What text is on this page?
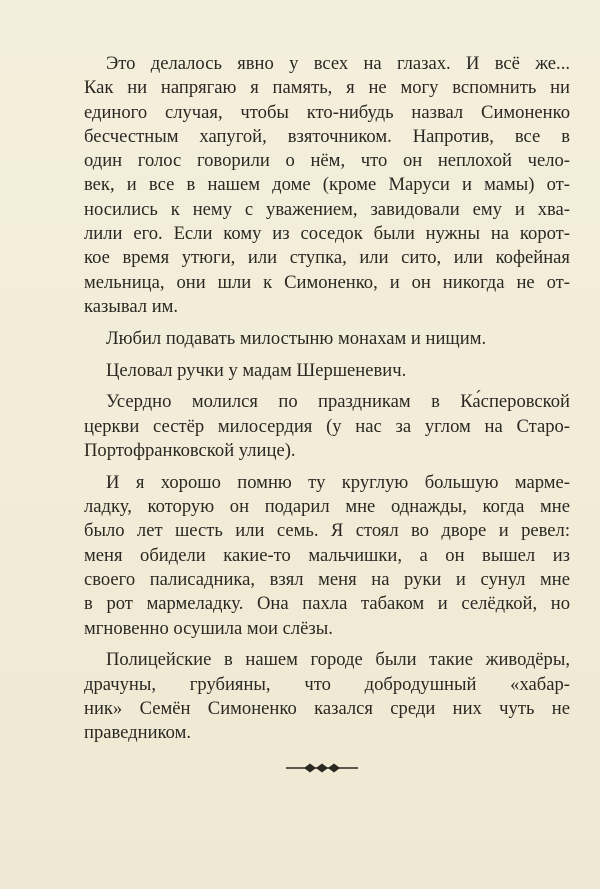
Это делалось явно у всех на глазах. И всё же...
Как ни напрягаю я память, я не могу вспомнить ни
единого случая, чтобы кто-нибудь назвал Симоненко
бесчестным хапугой, взяточником. Напротив, все в
один голос говорили о нём, что он неплохой чело-
век, и все в нашем доме (кроме Маруси и мамы) от-
носились к нему с уважением, завидовали ему и хва-
лили его. Если кому из соседок были нужны на корот-
кое время утюги, или ступка, или сито, или кофейная
мельница, они шли к Симоненко, и он никогда не от-
казывал им.

Любил подавать милостыню монахам и нищим.

Целовал ручки у мадам Шершеневич.

Усердно молился по праздникам в Ка́сперовской
церкви сестёр милосердия (у нас за углом на Старо-
Портофранковской улице).

И я хорошо помню ту круглую большую марме-
ладку, которую он подарил мне однажды, когда мне
было лет шесть или семь. Я стоял во дворе и ревел:
меня обидели какие-то мальчишки, а он вышел из
своего палисадника, взял меня на руки и сунул мне
в рот мармеладку. Она пахла табаком и селёдкой, но
мгновенно осушила мои слёзы.

Полицейские в нашем городе были такие живодёры,
драчуны, грубияны, что добродушный «хабар-
ник» Семён Симоненко казался среди них чуть не
праведником.
